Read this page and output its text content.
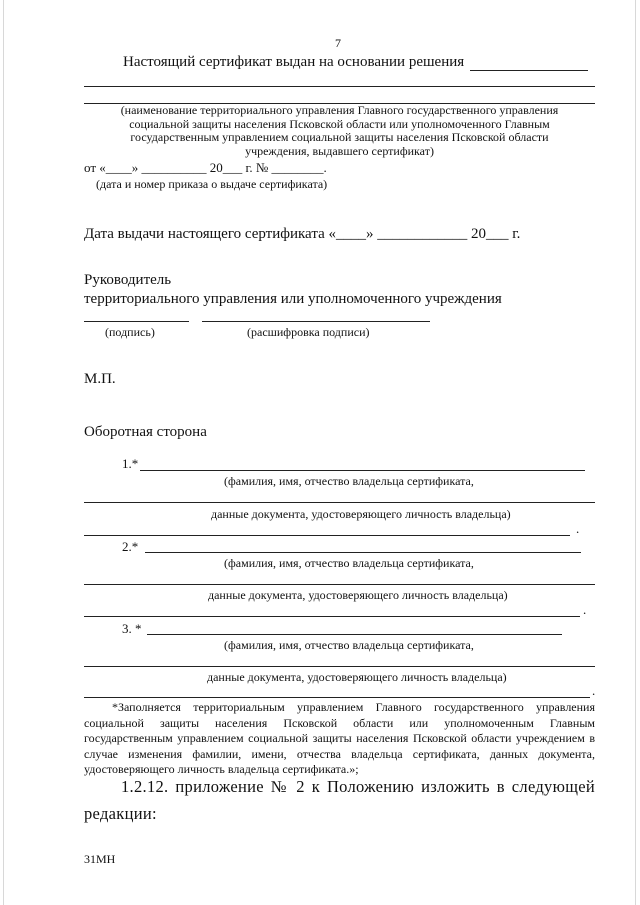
7
Настоящий сертификат выдан на основании решения
(наименование территориального управления Главного государственного управления
социальной защиты населения Псковской области или уполномоченного Главным
государственным управлением социальной защиты населения Псковской области
учреждения, выдавшего сертификат)
от «____» __________ 20___ г. № ________.
(дата и номер приказа о выдаче сертификата)
Дата выдачи настоящего сертификата «____» ____________ 20___ г.
Руководитель
территориального управления или уполномоченного учреждения
(подпись)	(расшифровка подписи)
М.П.
Оборотная сторона
1.*
(фамилия, имя, отчество владельца сертификата,
данные документа, удостоверяющего личность владельца)
.
2.*
(фамилия, имя, отчество владельца сертификата,
данные документа, удостоверяющего личность владельца)
.
3. *
(фамилия, имя, отчество владельца сертификата,
данные документа, удостоверяющего личность владельца)
.
*Заполняется территориальным управлением Главного государственного управления социальной защиты населения Псковской области или уполномоченным Главным государственным управлением социальной защиты населения Псковской области учреждением в случае изменения фамилии, имени, отчества владельца сертификата, данных документа, удостоверяющего личность владельца сертификата.»;
1.2.12. приложение № 2 к Положению изложить в следующей редакции:
31МН
